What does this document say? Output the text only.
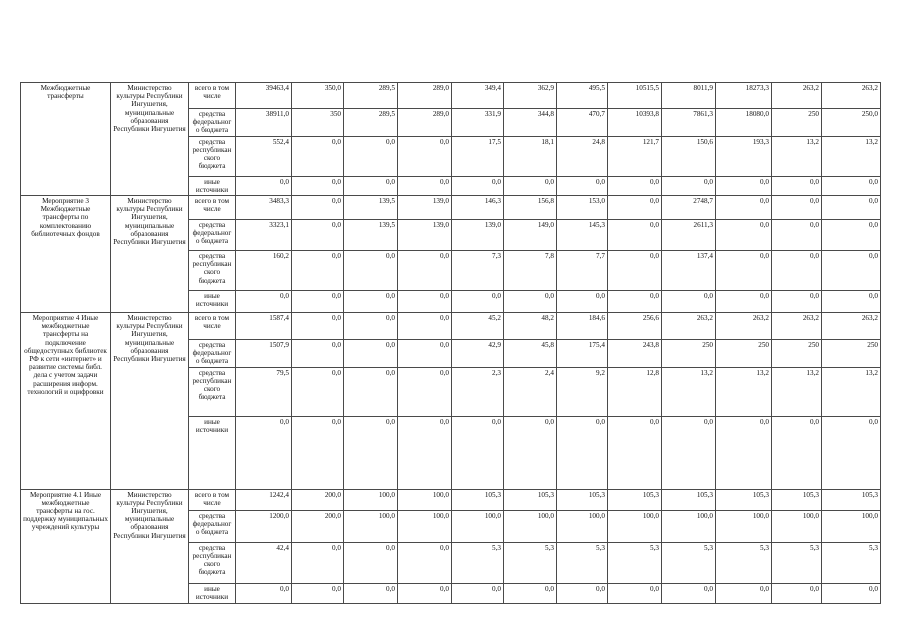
Межбюджетные трансферты	Министерство культуры Республики Ингушетия, муниципальные образования Республики Ингушетия	всего в том числе	39463,4	350,0	289,5	289,0	349,4	362,9	495,5	10515,5	8011,9	18273,3	263,2	263,2
		средства федеральног о бюджета	38911,0	350	289,5	289,0	331,9	344,8	470,7	10393,8	7861,3	18080,0	250	250,0
		средства республикан ского бюджета	552,4	0,0	0,0	0,0	17,5	18,1	24,8	121,7	150,6	193,3	13,2	13,2
		иные источники	0,0	0,0	0,0	0,0	0,0	0,0	0,0	0,0	0,0	0,0	0,0	0,0
Мероприятие 3 Межбюджетные трансферты по комплектованию библиотечных фондов	Министерство культуры Республики Ингушетия, муниципальные образования Республики Ингушетия	всего в том числе	3483,3	0,0	139,5	139,0	146,3	156,8	153,0	0,0	2748,7	0,0	0,0	0,0
		средства федеральног о бюджета	3323,1	0,0	139,5	139,0	139,0	149,0	145,3	0,0	2611,3	0,0	0,0	0,0
		средства республикан ского бюджета	160,2	0,0	0,0	0,0	7,3	7,8	7,7	0,0	137,4	0,0	0,0	0,0
		иные источники	0,0	0,0	0,0	0,0	0,0	0,0	0,0	0,0	0,0	0,0	0,0	0,0
Мероприятие 4 Иные межбюджетные трансферты на подключение общедоступных библиотек РФ к сети «интернет» и развитие системы библ. дела с учетом задачи расширения информ. технологий и оцифровки	Министерство культуры Республики Ингушетия, муниципальные образования Республики Ингушетия	всего в том числе	1587,4	0,0	0,0	0,0	45,2	48,2	184,6	256,6	263,2	263,2	263,2	263,2
		средства федеральног о бюджета	1507,9	0,0	0,0	0,0	42,9	45,8	175,4	243,8	250	250	250	250
		средства республикан ского бюджета	79,5	0,0	0,0	0,0	2,3	2,4	9,2	12,8	13,2	13,2	13,2	13,2
		иные источники	0,0	0,0	0,0	0,0	0,0	0,0	0,0	0,0	0,0	0,0	0,0	0,0
Мероприятие 4.1 Иные межбюджетные трансферты на гос. поддержку муниципальных учреждений культуры	Министерство культуры Республики Ингушетия, муниципальные образования Республики Ингушетия	всего в том числе	1242,4	200,0	100,0	100,0	105,3	105,3	105,3	105,3	105,3	105,3	105,3	105,3
		средства федеральног о бюджета	1200,0	200,0	100,0	100,0	100,0	100,0	100,0	100,0	100,0	100,0	100,0	100,0
		средства республикан ского бюджета	42,4	0,0	0,0	0,0	5,3	5,3	5,3	5,3	5,3	5,3	5,3	5,3
		иные источники	0,0	0,0	0,0	0,0	0,0	0,0	0,0	0,0	0,0	0,0	0,0	0,0
